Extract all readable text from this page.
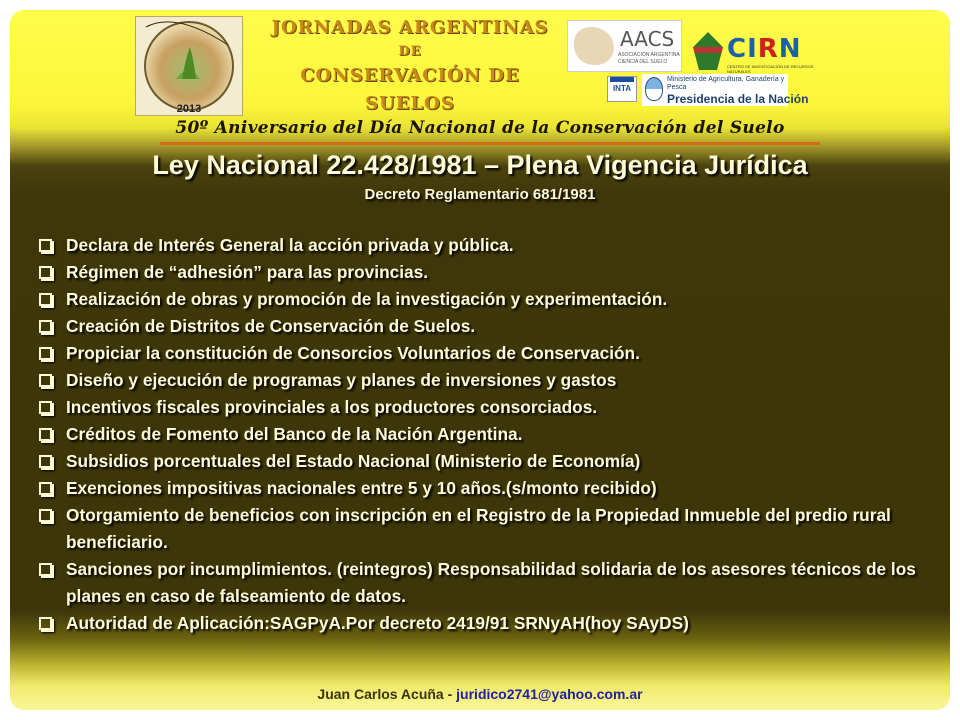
2013
JORNADAS ARGENTINAS
DE
CONSERVACIÓN DE SUELOS
AACS
ASOCIACIÓN ARGENTINA CIENCIA DEL SUELO	CIRN
CENTRO DE INVESTIGACIÓN DE RECURSOS NATURALES
INTA
Ministerio de Agricultura, Ganadería y Pesca
Presidencia de la Nación
50º Aniversario del Día Nacional de la Conservación del Suelo
Ley Nacional 22.428/1981 – Plena Vigencia Jurídica
Decreto Reglamentario 681/1981
Declara de Interés General la acción privada y pública.
Régimen de “adhesión” para las provincias.
Realización de obras y promoción de la investigación y experimentación.
Creación de Distritos de Conservación de Suelos.
Propiciar la constitución de Consorcios Voluntarios de Conservación.
Diseño y ejecución de programas y planes de inversiones y gastos
Incentivos fiscales provinciales a los productores consorciados.
Créditos de Fomento del Banco de la Nación Argentina.
Subsidios porcentuales del Estado Nacional (Ministerio de Economía)
Exenciones impositivas nacionales entre 5 y 10 años.(s/monto recibido)
Otorgamiento de beneficios con inscripción en el Registro de la Propiedad Inmueble del predio rural beneficiario.
Sanciones por incumplimientos. (reintegros) Responsabilidad solidaria de los asesores técnicos de los planes en caso de falseamiento de datos.
Autoridad de Aplicación:SAGPyA.Por decreto 2419/91 SRNyAH(hoy SAyDS)
Juan Carlos Acuña - juridico2741@yahoo.com.ar
